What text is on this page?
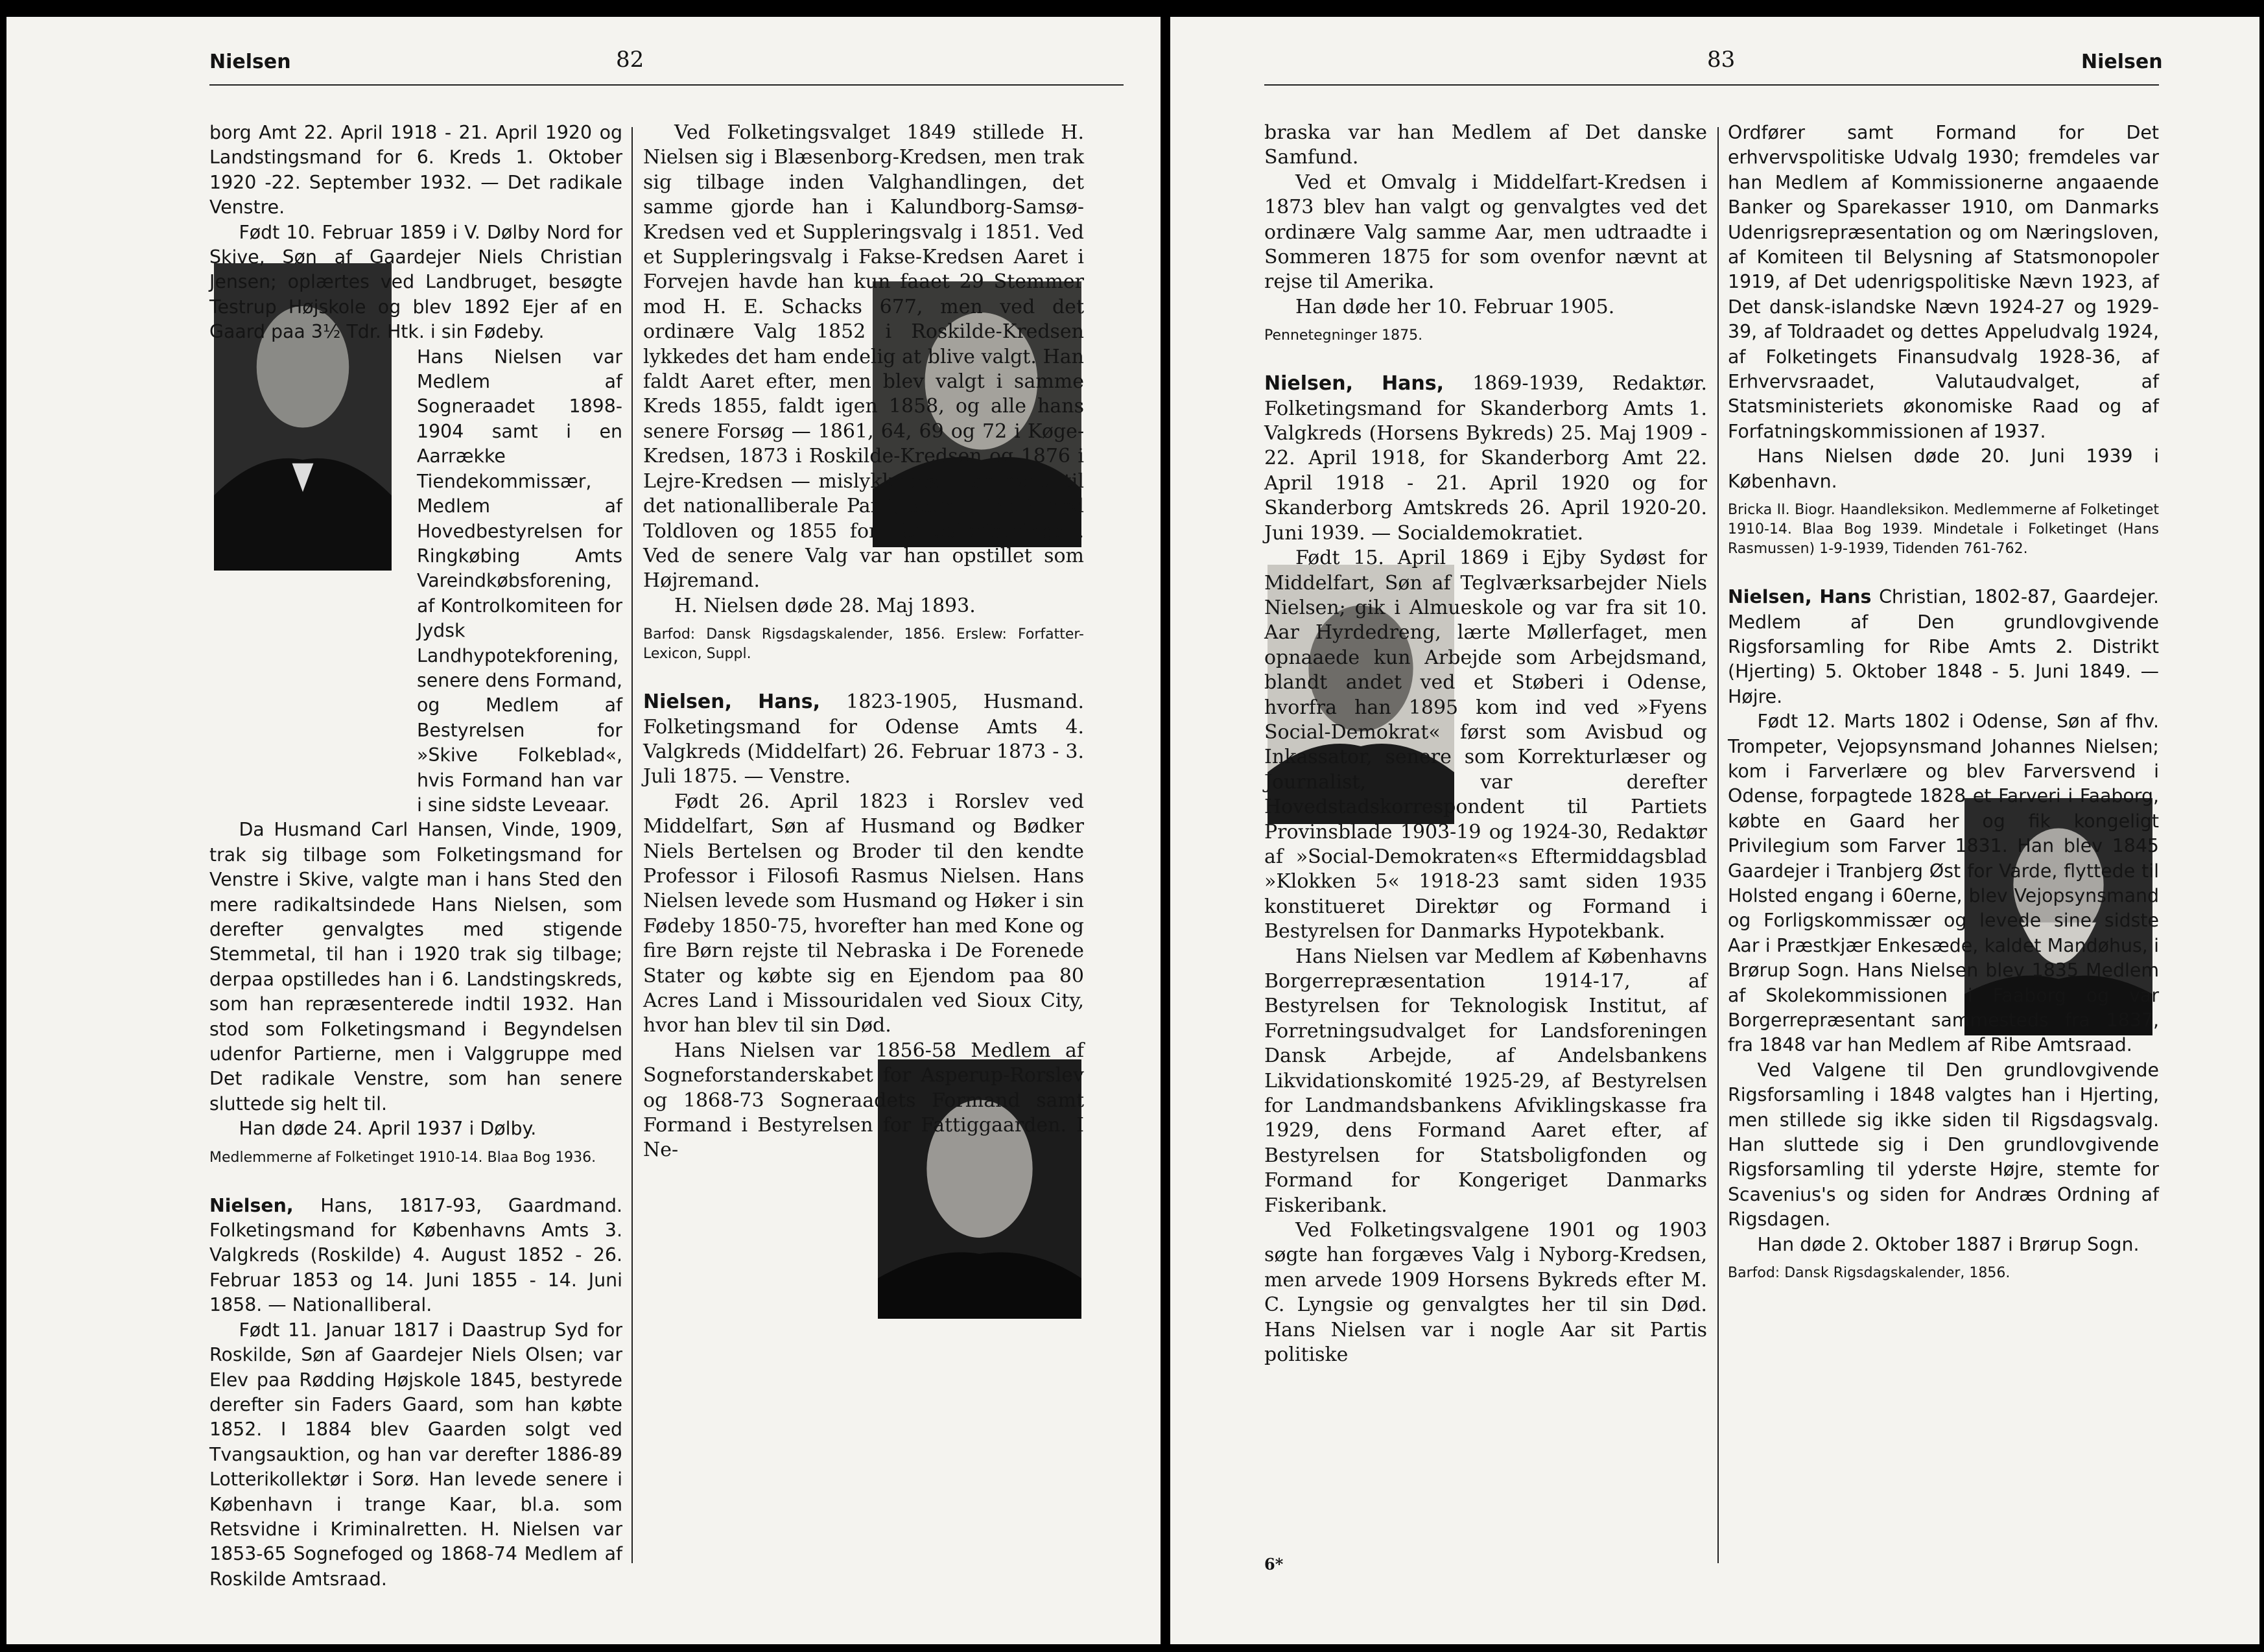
Nielsen	82

borg Amt 22. April 1918 - 21. April 1920 og Landstingsmand for 6. Kreds 1. Oktober 1920 -22. September 1932. — Det radikale Venstre.

Født 10. Februar 1859 i V. Dølby Nord for Skive, Søn af Gaardejer Niels Christian Jensen; oplærtes ved Landbruget, besøgte Testrup Højskole og blev 1892 Ejer af en Gaard paa 3½ Tdr. Htk. i sin Fødeby.

Hans Nielsen var Medlem af Sogneraadet 1898-1904 samt i en Aarrække Tiendekommissær, Medlem af Hovedbestyrelsen for Ringkøbing Amts Vareindkøbsforening, af Kontrolkomiteen for Jydsk Landhypotekforening, senere dens Formand, og Medlem af Bestyrelsen for »Skive Folkeblad«, hvis Formand han var i sine sidste Leveaar.

Da Husmand Carl Hansen, Vinde, 1909, trak sig tilbage som Folketingsmand for Venstre i Skive, valgte man i hans Sted den mere radikaltsindede Hans Nielsen, som derefter genvalgtes med stigende Stemmetal, til han i 1920 trak sig tilbage; derpaa opstilledes han i 6. Landstingskreds, som han repræsenterede indtil 1932. Han stod som Folketingsmand i Begyndelsen udenfor Partierne, men i Valggruppe med Det radikale Venstre, som han senere sluttede sig helt til.

Han døde 24. April 1937 i Dølby.

Medlemmerne af Folketinget 1910-14. Blaa Bog 1936.

Nielsen, Hans, 1817-93, Gaardmand. Folketingsmand for Københavns Amts 3. Valgkreds (Roskilde) 4. August 1852 - 26. Februar 1853 og 14. Juni 1855 - 14. Juni 1858. — Nationalliberal.

Født 11. Januar 1817 i Daastrup Syd for Roskilde, Søn af Gaardejer Niels Olsen; var Elev paa Rødding Højskole 1845, bestyrede derefter sin Faders Gaard, som han købte 1852. I 1884 blev Gaarden solgt ved Tvangsauktion, og han var derefter 1886-89 Lotterikollektør i Sorø. Han levede senere i København i trange Kaar, bl.a. som Retsvidne i Kriminalretten. H. Nielsen var 1853-65 Sognefoged og 1868-74 Medlem af Roskilde Amtsraad.

Ved Folketingsvalget 1849 stillede H. Nielsen sig i Blæsenborg-Kredsen, men trak sig tilbage inden Valghandlingen, det samme gjorde han i Kalundborg-Samsø-Kredsen ved et Suppleringsvalg i 1851. Ved et Suppleringsvalg i Fakse-Kredsen Aaret i Forvejen havde han kun faaet 29 Stemmer mod H. E. Schacks 677, men ved det ordinære Valg 1852 i Roskilde-Kredsen lykkedes det ham endelig at blive valgt. Han faldt Aaret efter, men blev valgt i samme Kreds 1855, faldt igen 1858, og alle hans senere Forsøg — 1861, 64, 69 og 72 i Køge-Kredsen, 1873 i Roskilde-Kredsen og 1876 i Lejre-Kredsen — mislykkedes. Han hørte til det nationalliberale Parti, stemte 1853 mod Toldloven og 1855 for Fællesforfatningen. Ved de senere Valg var han opstillet som Højremand.

H. Nielsen døde 28. Maj 1893.

Barfod: Dansk Rigsdagskalender, 1856. Erslew: Forfatter-Lexicon, Suppl.

Nielsen, Hans, 1823-1905, Husmand. Folketingsmand for Odense Amts 4. Valgkreds (Middelfart) 26. Februar 1873 - 3. Juli 1875. — Venstre.

Født 26. April 1823 i Rorslev ved Middelfart, Søn af Husmand og Bødker Niels Bertelsen og Broder til den kendte Professor i Filosofi Rasmus Nielsen. Hans Nielsen levede som Husmand og Høker i sin Fødeby 1850-75, hvorefter han med Kone og fire Børn rejste til Nebraska i De Forenede Stater og købte sig en Ejendom paa 80 Acres Land i Missouridalen ved Sioux City, hvor han blev til sin Død.

Hans Nielsen var 1856-58 Medlem af Sogneforstanderskabet for Asperup-Rorslev og 1868-73 Sogneraadets Formand samt Formand i Bestyrelsen for Fattiggaarden. I Ne-

83	Nielsen

braska var han Medlem af Det danske Samfund.

Ved et Omvalg i Middelfart-Kredsen i 1873 blev han valgt og genvalgtes ved det ordinære Valg samme Aar, men udtraadte i Sommeren 1875 for som ovenfor nævnt at rejse til Amerika.

Han døde her 10. Februar 1905.

Pennetegninger 1875.

Nielsen, Hans, 1869-1939, Redaktør. Folketingsmand for Skanderborg Amts 1. Valgkreds (Horsens Bykreds) 25. Maj 1909 - 22. April 1918, for Skanderborg Amt 22. April 1918 - 21. April 1920 og for Skanderborg Amtskreds 26. April 1920-20. Juni 1939. — Socialdemokratiet.

Født 15. April 1869 i Ejby Sydøst for Middelfart, Søn af Teglværksarbejder Niels Nielsen; gik i Almueskole og var fra sit 10. Aar Hyrdedreng, lærte Møllerfaget, men opnaaede kun Arbejde som Arbejdsmand, blandt andet ved et Støberi i Odense, hvorfra han 1895 kom ind ved »Fyens Social-Demokrat« først som Avisbud og Inkassator, senere som Korrekturlæser og Journalist, var derefter Hovedstadskorrespondent til Partiets Provinsblade 1903-19 og 1924-30, Redaktør af »Social-Demokraten«s Eftermiddagsblad »Klokken 5« 1918-23 samt siden 1935 konstitueret Direktør og Formand i Bestyrelsen for Danmarks Hypotekbank.

Hans Nielsen var Medlem af Københavns Borgerrepræsentation 1914-17, af Bestyrelsen for Teknologisk Institut, af Forretningsudvalget for Landsforeningen Dansk Arbejde, af Andelsbankens Likvidationskomité 1925-29, af Bestyrelsen for Landmandsbankens Afviklingskasse fra 1929, dens Formand Aaret efter, af Bestyrelsen for Statsboligfonden og Formand for Kongeriget Danmarks Fiskeribank.

Ved Folketingsvalgene 1901 og 1903 søgte han forgæves Valg i Nyborg-Kredsen, men arvede 1909 Horsens Bykreds efter M. C. Lyngsie og genvalgtes her til sin Død. Hans Nielsen var i nogle Aar sit Partis politiske

6*

Ordfører samt Formand for Det erhvervspolitiske Udvalg 1930; fremdeles var han Medlem af Kommissionerne angaaende Banker og Sparekasser 1910, om Danmarks Udenrigsrepræsentation og om Næringsloven, af Komiteen til Belysning af Statsmonopoler 1919, af Det udenrigspolitiske Nævn 1923, af Det dansk-islandske Nævn 1924-27 og 1929-39, af Toldraadet og dettes Appeludvalg 1924, af Folketingets Finansudvalg 1928-36, af Erhvervsraadet, Valutaudvalget, af Statsministeriets økonomiske Raad og af Forfatningskommissionen af 1937.

Hans Nielsen døde 20. Juni 1939 i København.

Bricka II. Biogr. Haandleksikon. Medlemmerne af Folketinget 1910-14. Blaa Bog 1939. Mindetale i Folketinget (Hans Rasmussen) 1-9-1939, Tidenden 761-762.

Nielsen, Hans Christian, 1802-87, Gaardejer. Medlem af Den grundlovgivende Rigsforsamling for Ribe Amts 2. Distrikt (Hjerting) 5. Oktober 1848 - 5. Juni 1849. — Højre.

Født 12. Marts 1802 i Odense, Søn af fhv. Trompeter, Vejopsynsmand Johannes Nielsen; kom i Farverlære og blev Farversvend i Odense, forpagtede 1828 et Farveri i Faaborg, købte en Gaard her og fik kongeligt Privilegium som Farver 1831. Han blev 1845 Gaardejer i Tranbjerg Øst for Varde, flyttede til Holsted engang i 60erne, blev Vejopsynsmand og Forligskommissær og levede sine sidste Aar i Præstkjær Enkesæde, kaldet Mandøhus, i Brørup Sogn. Hans Nielsen blev 1835 Medlem af Skolekommissionen i Faaborg og var Borgerrepræsentant sammesteds fra 1837, fra 1848 var han Medlem af Ribe Amtsraad.

Ved Valgene til Den grundlovgivende Rigsforsamling i 1848 valgtes han i Hjerting, men stillede sig ikke siden til Rigsdagsvalg. Han sluttede sig i Den grundlovgivende Rigsforsamling til yderste Højre, stemte for Scavenius's og siden for Andræs Ordning af Rigsdagen.

Han døde 2. Oktober 1887 i Brørup Sogn.

Barfod: Dansk Rigsdagskalender, 1856.
